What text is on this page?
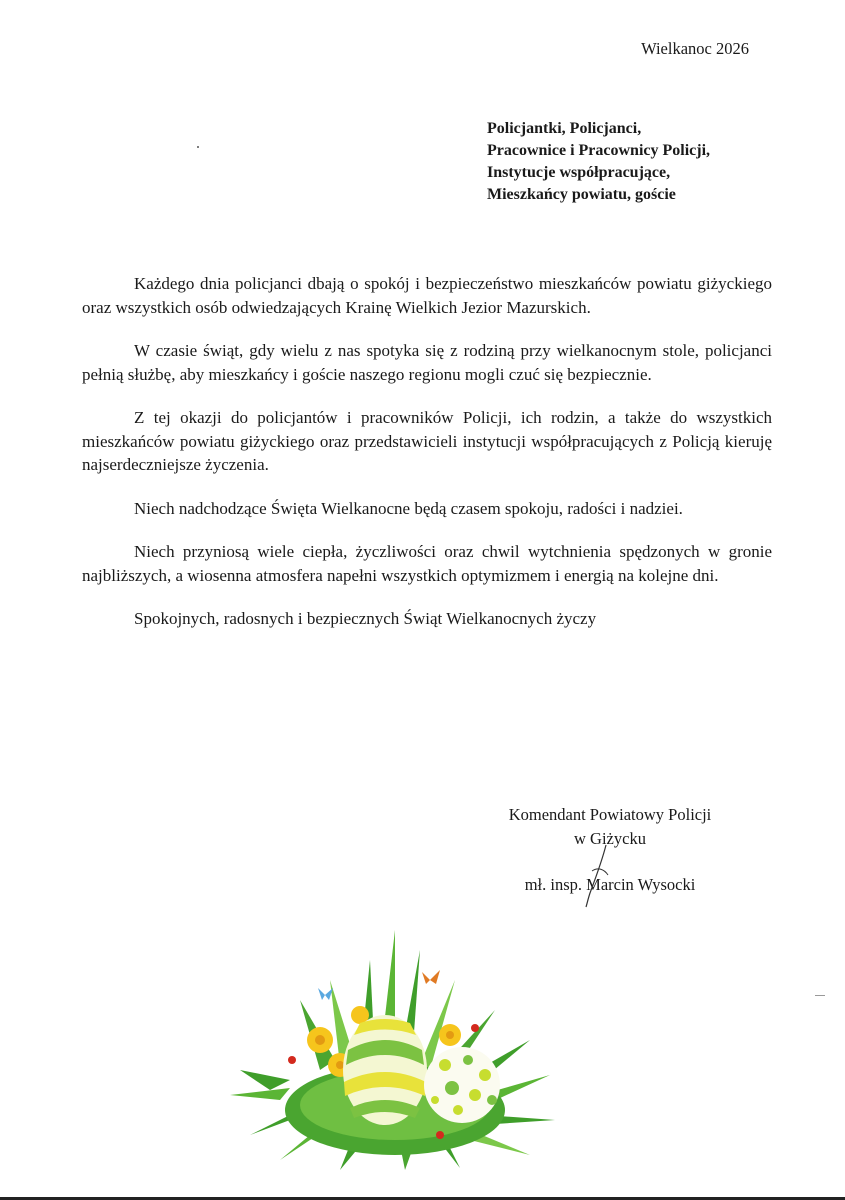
Wielkanoc 2026
Policjantki, Policjanci,
Pracownice i Pracownicy Policji,
Instytucje współpracujące,
Mieszkańcy powiatu, goście

Każdego dnia policjanci dbają o spokój i bezpieczeństwo mieszkańców powiatu giżyckiego oraz wszystkich osób odwiedzających Krainę Wielkich Jezior Mazurskich.

W czasie świąt, gdy wielu z nas spotyka się z rodziną przy wielkanocnym stole, policjanci pełnią służbę, aby mieszkańcy i goście naszego regionu mogli czuć się bezpiecznie.

Z tej okazji do policjantów i pracowników Policji, ich rodzin, a także do wszystkich mieszkańców powiatu giżyckiego oraz przedstawicieli instytucji współpracujących z Policją kieruję najserdeczniejsze życzenia.

Niech nadchodzące Święta Wielkanocne będą czasem spokoju, radości i nadziei.

Niech przyniosą wiele ciepła, życzliwości oraz chwil wytchnienia spędzonych w gronie najbliższych, a wiosenna atmosfera napełni wszystkich optymizmem i energią na kolejne dni.

Spokojnych, radosnych i bezpiecznych Świąt Wielkanocnych życzy

Komendant Powiatowy Policji
w Giżycku
mł. insp. Marcin Wysocki
